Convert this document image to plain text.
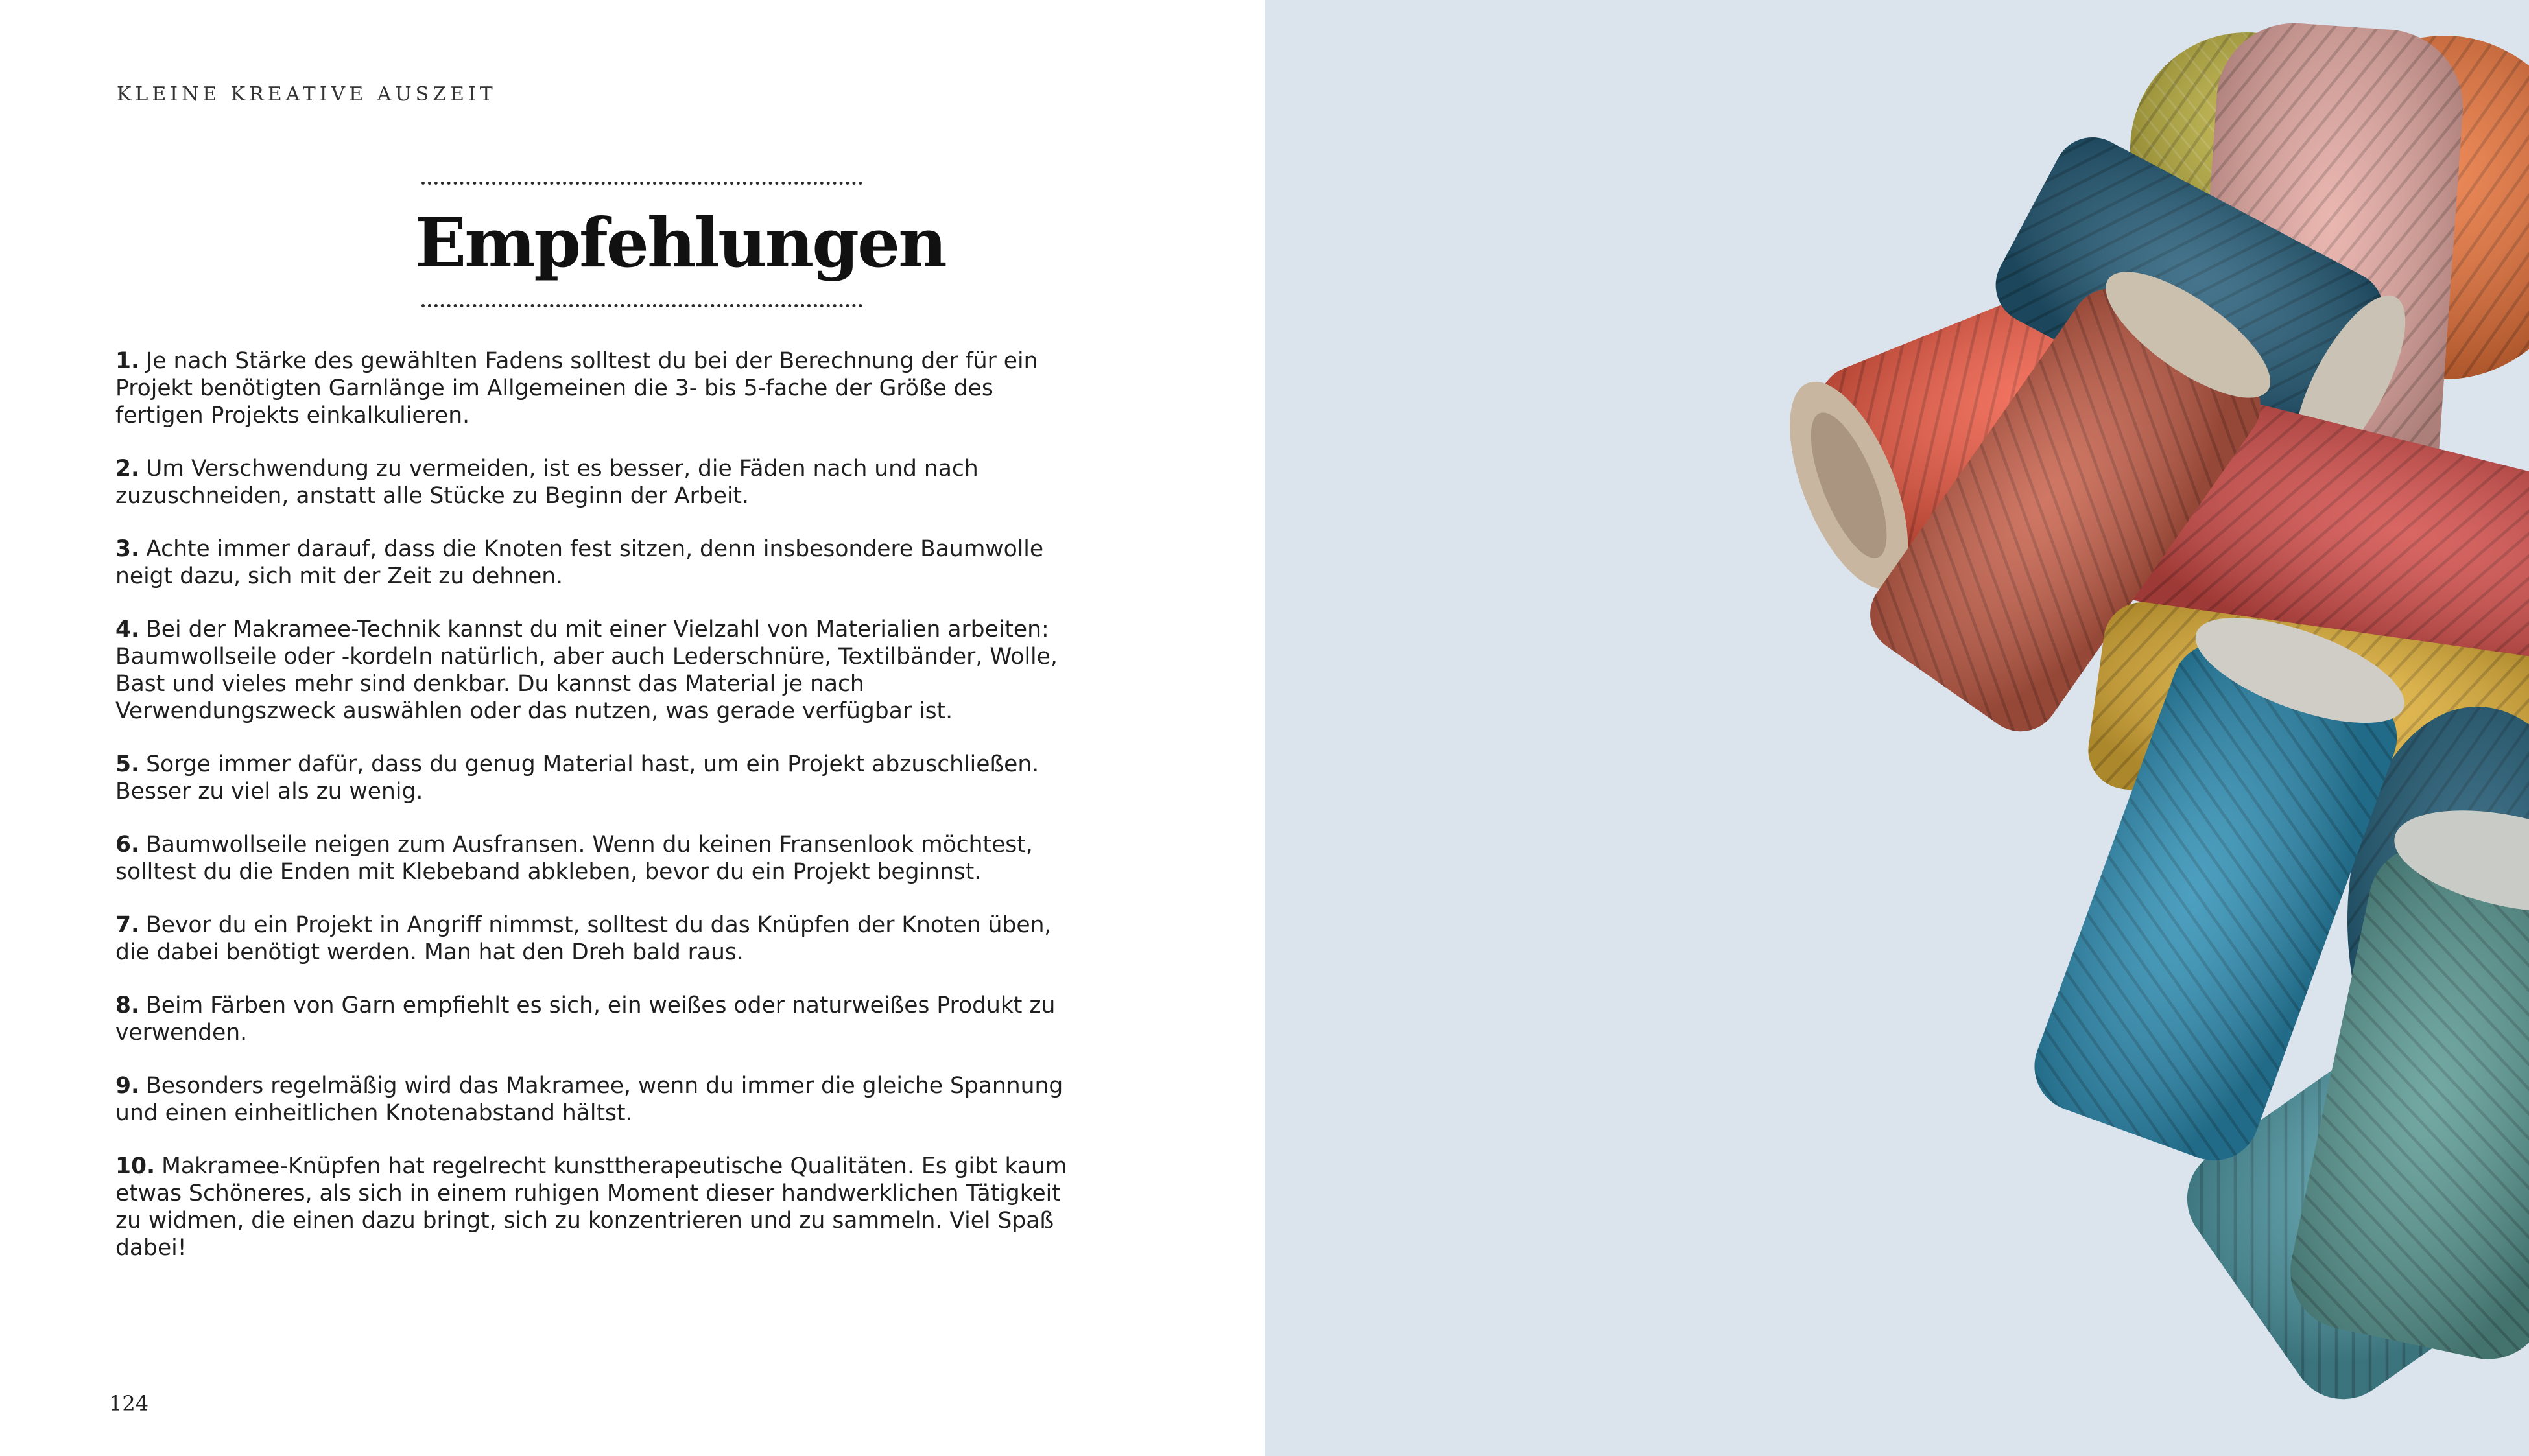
KLEINE KREATIVE AUSZEIT
Empfehlungen

1. Je nach Stärke des gewählten Fadens solltest du bei der Berechnung der für ein Projekt benötigten Garnlänge im Allgemeinen die 3- bis 5-fache der Größe des fertigen Projekts einkalkulieren.

2. Um Verschwendung zu vermeiden, ist es besser, die Fäden nach und nach zuzuschneiden, anstatt alle Stücke zu Beginn der Arbeit.

3. Achte immer darauf, dass die Knoten fest sitzen, denn insbesondere Baumwolle neigt dazu, sich mit der Zeit zu dehnen.

4. Bei der Makramee-Technik kannst du mit einer Vielzahl von Materialien arbeiten: Baumwollseile oder -kordeln natürlich, aber auch Lederschnüre, Textilbänder, Wolle, Bast und vieles mehr sind denkbar. Du kannst das Material je nach Verwendungszweck auswählen oder das nutzen, was gerade verfügbar ist.

5. Sorge immer dafür, dass du genug Material hast, um ein Projekt abzuschließen. Besser zu viel als zu wenig.

6. Baumwollseile neigen zum Ausfransen. Wenn du keinen Fransenlook möchtest, solltest du die Enden mit Klebeband abkleben, bevor du ein Projekt beginnst.

7. Bevor du ein Projekt in Angriff nimmst, solltest du das Knüpfen der Knoten üben, die dabei benötigt werden. Man hat den Dreh bald raus.

8. Beim Färben von Garn empfiehlt es sich, ein weißes oder naturweißes Produkt zu verwenden.

9. Besonders regelmäßig wird das Makramee, wenn du immer die gleiche Spannung und einen einheitlichen Knotenabstand hältst.

10. Makramee-Knüpfen hat regelrecht kunsttherapeutische Qualitäten. Es gibt kaum etwas Schöneres, als sich in einem ruhigen Moment dieser handwerklichen Tätigkeit zu widmen, die einen dazu bringt, sich zu konzentrieren und zu sammeln. Viel Spaß dabei!

124
